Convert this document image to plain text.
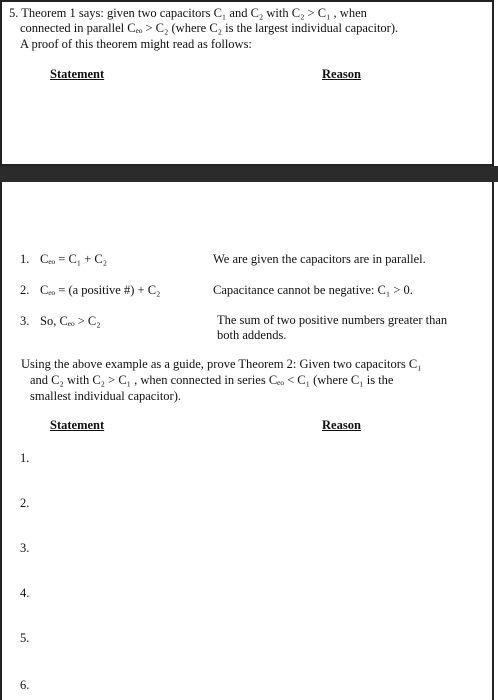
5. Theorem 1 says: given two capacitors C₁ and C₂ with C₂ > C₁ , when
connected in parallel Cₑₒ > C₂ (where C₂ is the largest individual capacitor).
A proof of this theorem might read as follows:
Statement	Reason
1. Cₑₒ = C₁ + C₂	We are given the capacitors are in parallel.
2. Cₑₒ = (a positive #) + C₂	Capacitance cannot be negative: C₁ > 0.
3. So, Cₑₒ > C₂	The sum of two positive numbers greater than both addends.
Using the above example as a guide, prove Theorem 2: Given two capacitors C₁
and C₂ with C₂ > C₁ , when connected in series Cₑₒ < C₁ (where C₁ is the
smallest individual capacitor).
Statement	Reason
1.
2.
3.
4.
5.
6.
